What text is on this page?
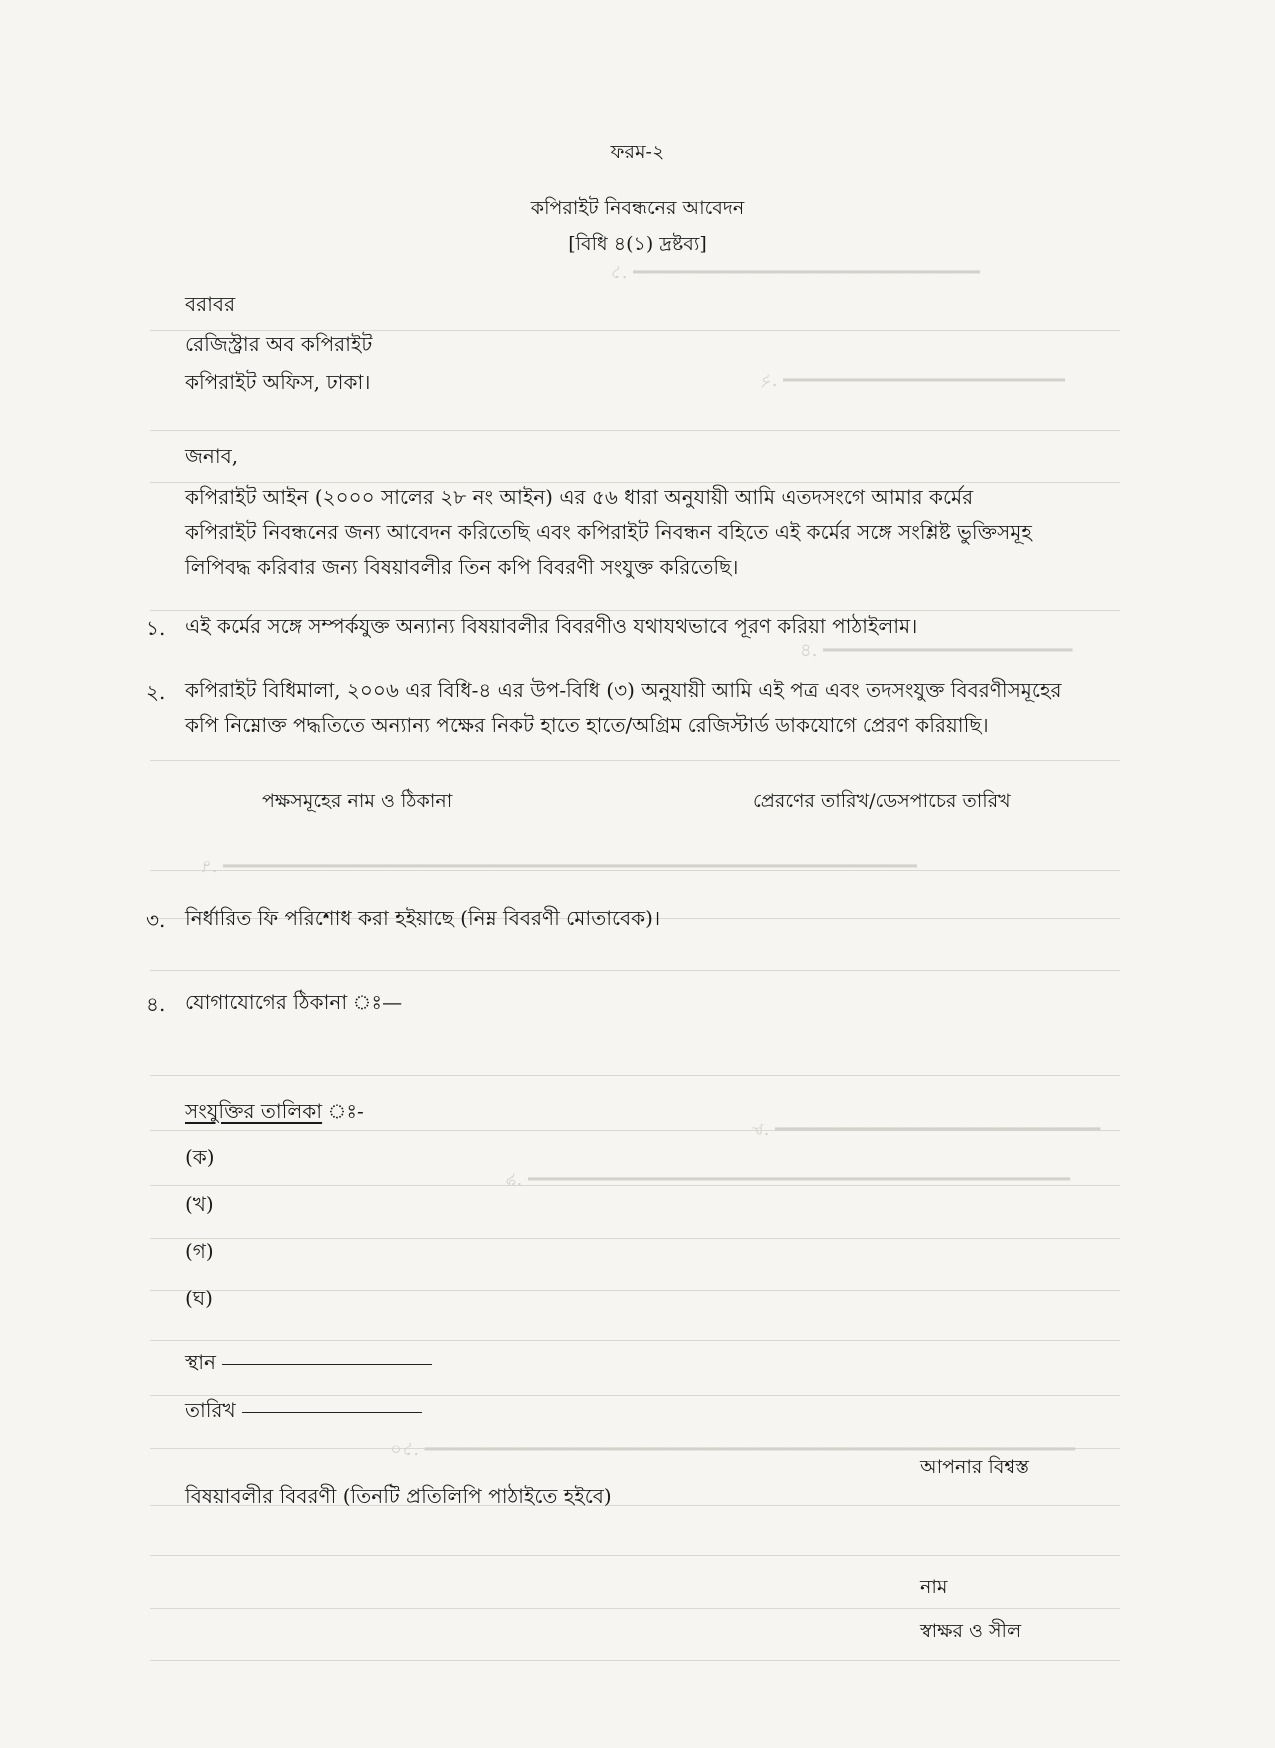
━━━━━━━━━━━━━━━━━━━━━━━━━━━━━━━━ .১
━━━━━━━━━━━━━━━━━━━━━━━━━━ .২
━━━━━━━━━━━━━━━━━━━━━━━ .৪
━━━━━━━━━━━━━━━━━━━━━━━━━━━━━━━━━━━━━━━━━━━━━━━━━━━━━━━━━━━━━━━━ .৭
━━━━━━━━━━━━━━━━━━━━━━━━━━━━━━ .৮
━━━━━━━━━━━━━━━━━━━━━━━━━━━━━━━━━━━━━━━━━━━━━━━━━━ .৯
━━━━━━━━━━━━━━━━━━━━━━━━━━━━━━━━━━━━━━━━━━━━━━━━━━━━━━━━━━━━ .১০
ফরম-২
কপিরাইট নিবন্ধনের আবেদন
[বিধি ৪(১) দ্রষ্টব্য]
বরাবর
রেজিস্ট্রার অব কপিরাইট
কপিরাইট অফিস, ঢাকা।
জনাব,
কপিরাইট আইন (২০০০ সালের ২৮ নং আইন) এর ৫৬ ধারা অনুযায়ী আমি এতদসংগে আমার কর্মের
কপিরাইট নিবন্ধনের জন্য আবেদন করিতেছি এবং কপিরাইট নিবন্ধন বহিতে এই কর্মের সঙ্গে সংশ্লিষ্ট ভুক্তিসমূহ
লিপিবদ্ধ করিবার জন্য বিষয়াবলীর তিন কপি বিবরণী সংযুক্ত করিতেছি।
১. এই কর্মের সঙ্গে সম্পর্কযুক্ত অন্যান্য বিষয়াবলীর বিবরণীও যথাযথভাবে পূরণ করিয়া পাঠাইলাম।
২. কপিরাইট বিধিমালা, ২০০৬ এর বিধি-৪ এর উপ-বিধি (৩) অনুযায়ী আমি এই পত্র এবং তদসংযুক্ত বিবরণীসমূহের
কপি নিম্নোক্ত পদ্ধতিতে অন্যান্য পক্ষের নিকট হাতে হাতে/অগ্রিম রেজিস্টার্ড ডাকযোগে প্রেরণ করিয়াছি।
পক্ষসমূহের নাম ও ঠিকানা	প্রেরণের তারিখ/ডেসপাচের তারিখ
৩. নির্ধারিত ফি পরিশোধ করা হইয়াছে (নিম্ন বিবরণী মোতাবেক)।
৪. যোগাযোগের ঠিকানা ঃ—
সংযুক্তির তালিকা ঃ-
(ক)
(খ)
(গ)
(ঘ)
স্থান
তারিখ
আপনার বিশ্বস্ত
বিষয়াবলীর বিবরণী (তিনটি প্রতিলিপি পাঠাইতে হইবে)
নাম
স্বাক্ষর ও সীল
